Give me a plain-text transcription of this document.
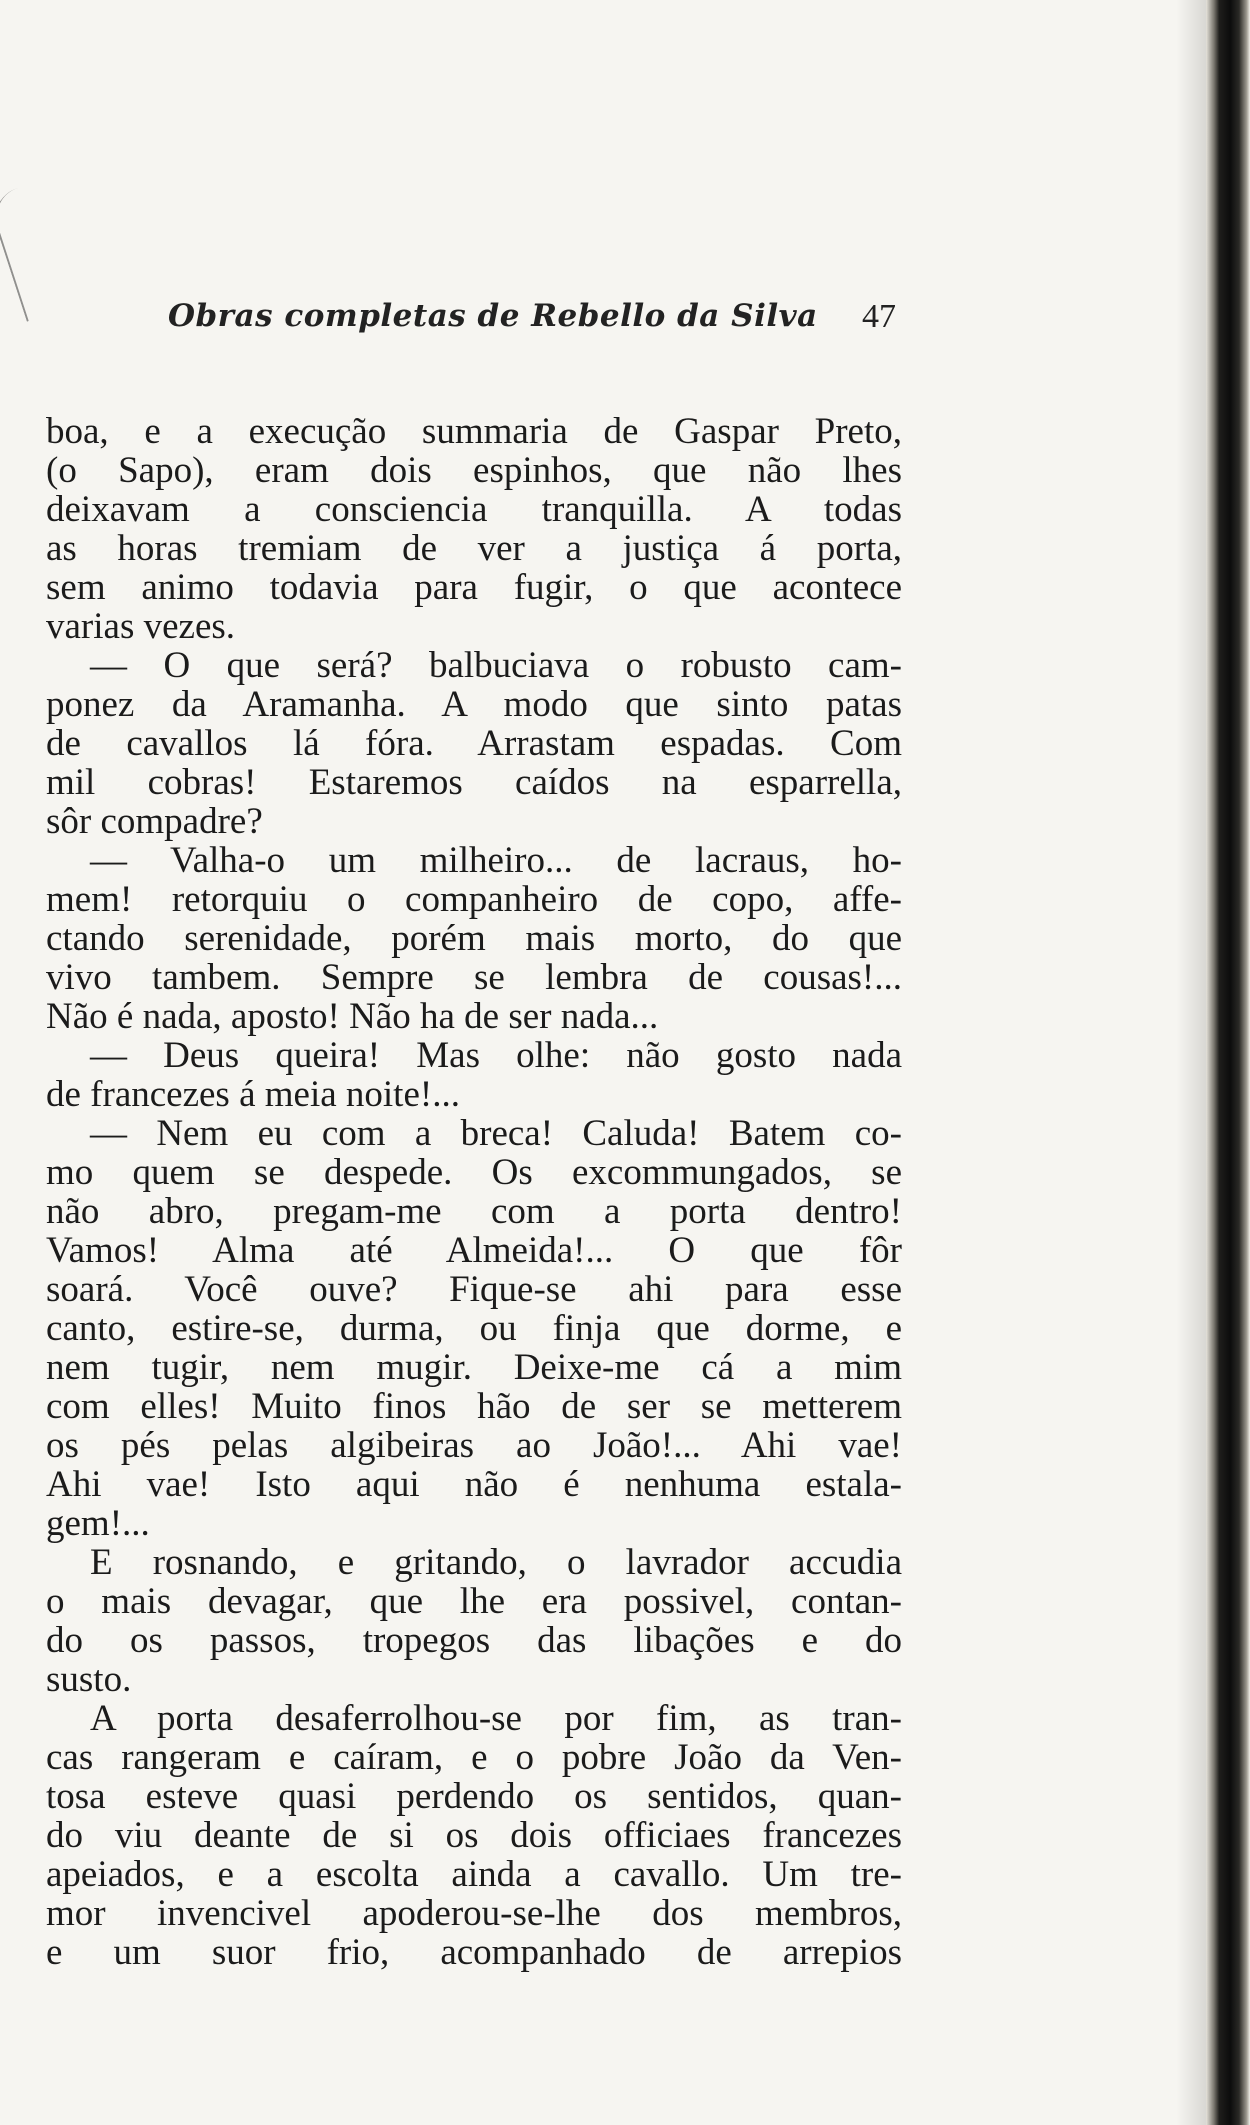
Obras completas de Rebello da Silva 47
boa, e a execução summaria de Gaspar Preto,
(o Sapo), eram dois espinhos, que não lhes
deixavam a consciencia tranquilla. A todas
as horas tremiam de ver a justiça á porta,
sem animo todavia para fugir, o que acontece
varias vezes.
— O que será? balbuciava o robusto cam-
ponez da Aramanha. A modo que sinto patas
de cavallos lá fóra. Arrastam espadas. Com
mil cobras! Estaremos caídos na esparrella,
sôr compadre?
— Valha-o um milheiro... de lacraus, ho-
mem! retorquiu o companheiro de copo, affe-
ctando serenidade, porém mais morto, do que
vivo tambem. Sempre se lembra de cousas!...
Não é nada, aposto! Não ha de ser nada...
— Deus queira! Mas olhe: não gosto nada
de francezes á meia noite!...
— Nem eu com a breca! Caluda! Batem co-
mo quem se despede. Os excommungados, se
não abro, pregam-me com a porta dentro!
Vamos! Alma até Almeida!... O que fôr
soará. Você ouve? Fique-se ahi para esse
canto, estire-se, durma, ou finja que dorme, e
nem tugir, nem mugir. Deixe-me cá a mim
com elles! Muito finos hão de ser se metterem
os pés pelas algibeiras ao João!... Ahi vae!
Ahi vae! Isto aqui não é nenhuma estala-
gem!...
E rosnando, e gritando, o lavrador accudia
o mais devagar, que lhe era possivel, contan-
do os passos, tropegos das libações e do
susto.
A porta desaferrolhou-se por fim, as tran-
cas rangeram e caíram, e o pobre João da Ven-
tosa esteve quasi perdendo os sentidos, quan-
do viu deante de si os dois officiaes francezes
apeiados, e a escolta ainda a cavallo. Um tre-
mor invencivel apoderou-se-lhe dos membros,
e um suor frio, acompanhado de arrepios
